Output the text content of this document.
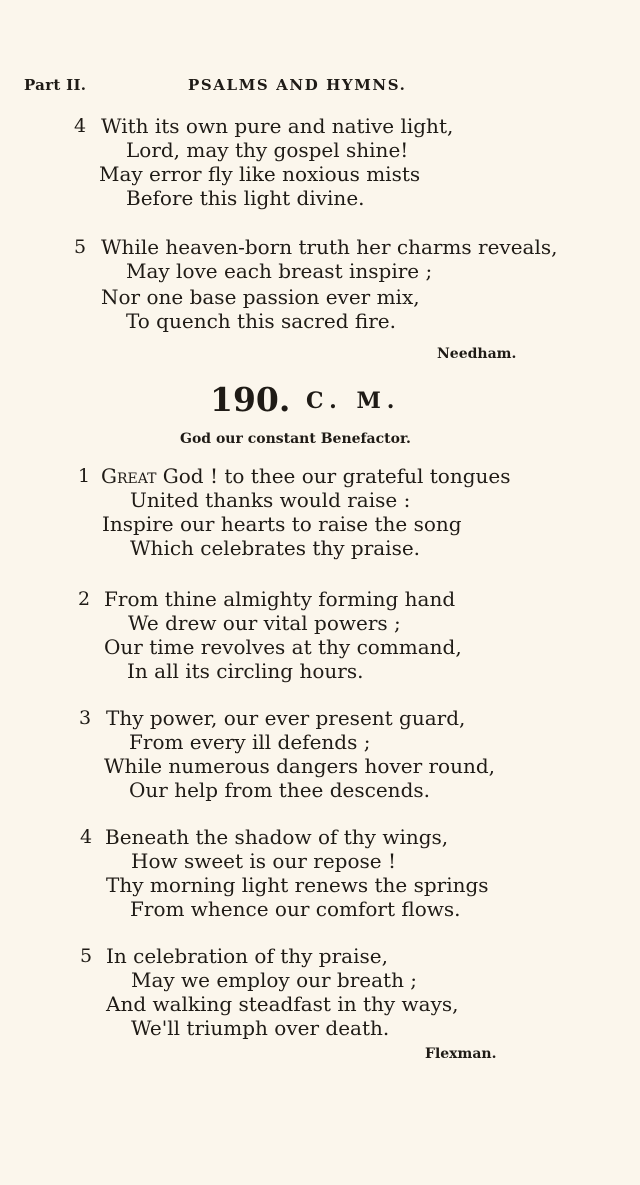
Part II.	PSALMS AND HYMNS.
4 With its own pure and native light,
Lord, may thy gospel shine!
May error fly like noxious mists
Before this light divine.
5 While heaven-born truth her charms reveals,
May love each breast inspire ;
Nor one base passion ever mix,
To quench this sacred fire.
Needham.
190. C. M.
God our constant Benefactor.
1 Great God ! to thee our grateful tongues
United thanks would raise :
Inspire our hearts to raise the song
Which celebrates thy praise.
2 From thine almighty forming hand
We drew our vital powers ;
Our time revolves at thy command,
In all its circling hours.
3 Thy power, our ever present guard,
From every ill defends ;
While numerous dangers hover round,
Our help from thee descends.
4 Beneath the shadow of thy wings,
How sweet is our repose !
Thy morning light renews the springs
From whence our comfort flows.
5 In celebration of thy praise,
May we employ our breath ;
And walking steadfast in thy ways,
We'll triumph over death.
Flexman.
